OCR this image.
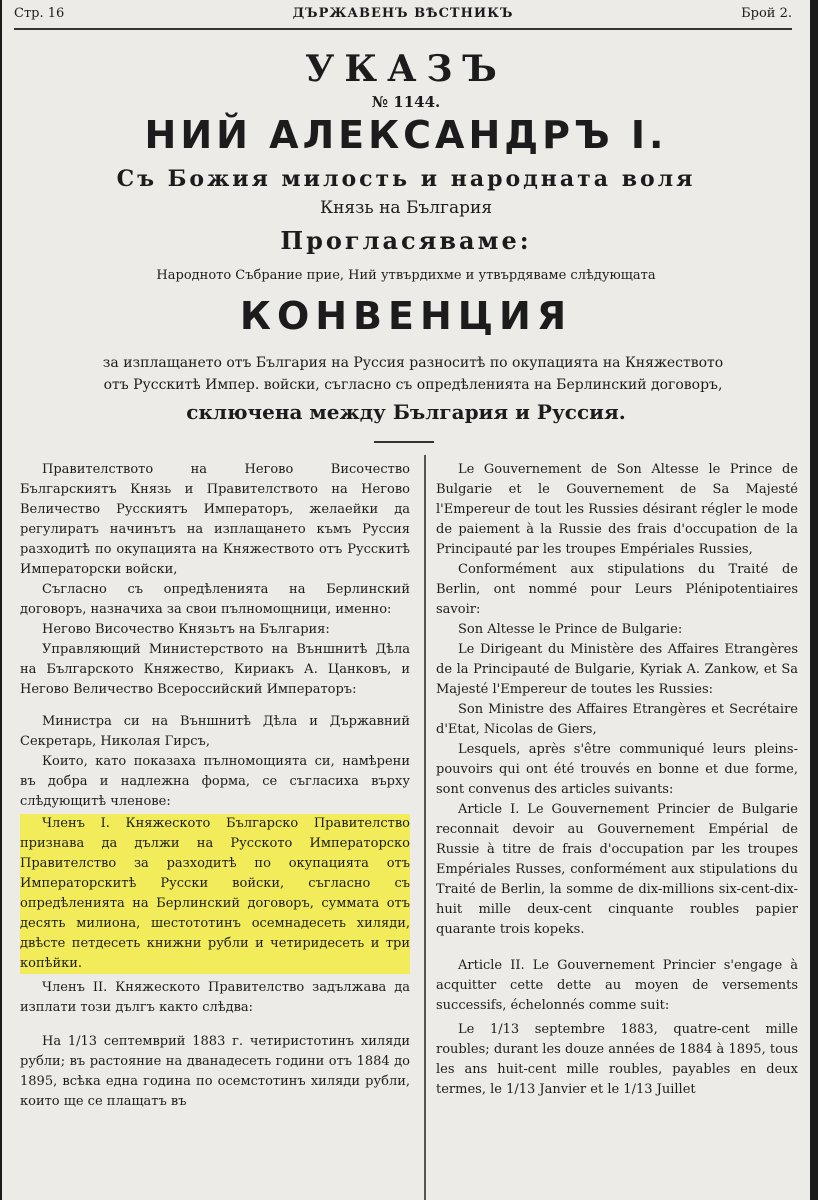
Стр. 16	ДЪРЖАВЕНЪ ВѢСТНИКЪ	Брой 2.
УКАЗЪ
№ 1144.
НИЙ АЛЕКСАНДРЪ I.
Съ Божия милость и народната воля
Князь на България
Прогласяваме:
Народното Събрание прие, Ний утвърдихме и утвърдяваме слѣдующата
КОНВЕНЦИЯ
за изплащането отъ България на Руссия разноситѣ по окупацията на Княжеството
отъ Русскитѣ Импер. войски, съгласно съ опредѣленията на Берлинский договоръ,
сключена между България и Руссия.

Правителството на Негово Височество Българскиятъ Князь и Правителството на Негово Величество Русскиятъ Императоръ, желаейки да регулиратъ начинътъ на изплащането къмъ Руссия разходитѣ по окупацията на Княжеството отъ Русскитѣ Императорски войски,

Съгласно съ опредѣленията на Берлинский договоръ, назначиха за свои пълномощници, именно:

Негово Височество Князьтъ на България:

Управляющий Министерството на Външнитѣ Дѣла на Българското Княжество, Кириакъ А. Цанковъ, и Негово Величество Всероссийский Императоръ:

Министра си на Външнитѣ Дѣла и Държавний Секретарь, Николая Гирсъ,

Които, като показаха пълномощията си, намѣрени въ добра и надлежна форма, се съгласиха върху слѣдующитѣ членове:

Членъ I. Княжеското Българско Правителство признава да дължи на Русското Императорско Правителство за разходитѣ по окупацията отъ Императорскитѣ Русски войски, съгласно съ опредѣленията на Берлинский договоръ, суммата отъ десять милиона, шестототинъ осемнадесеть хиляди, двѣсте петдесеть книжни рубли и четиридесеть и три копѣйки.

Членъ II. Княжеското Правителство задължава да изплати този дългъ както слѣдва:

На 1/13 септемврий 1883 г. четиристотинъ хиляди рубли; въ растояние на дванадесеть години отъ 1884 до 1895, всѣка една година по осемстотинъ хиляди рубли, които ще се плащатъ въ

Le Gouvernement de Son Altesse le Prince de Bulgarie et le Gouvernement de Sa Majesté l'Empereur de tout les Russies désirant régler le mode de paiement à la Russie des frais d'occupation de la Principauté par les troupes Empériales Russies,

Conformément aux stipulations du Traité de Berlin, ont nommé pour Leurs Plénipotentiaires savoir:

Son Altesse le Prince de Bulgarie:

Le Dirigeant du Ministère des Affaires Etrangères de la Principauté de Bulgarie, Kyriak A. Zankow, et Sa Majesté l'Empereur de toutes les Russies:

Son Ministre des Affaires Etrangères et Secrétaire d'Etat, Nicolas de Giers,

Lesquels, après s'être communiqué leurs pleins-pouvoirs qui ont été trouvés en bonne et due forme, sont convenus des articles suivants:

Article I. Le Gouvernement Princier de Bulgarie reconnait devoir au Gouvernement Empérial de Russie à titre de frais d'occupation par les troupes Empériales Russes, conformément aux stipulations du Traité de Berlin, la somme de dix-millions six-cent-dix-huit mille deux-cent cinquante roubles papier quarante trois kopeks.

Article II. Le Gouvernement Princier s'engage à acquitter cette dette au moyen de versements successifs, échelonnés comme suit:

Le 1/13 septembre 1883, quatre-cent mille roubles; durant les douze années de 1884 à 1895, tous les ans huit-cent mille roubles, payables en deux termes, le 1/13 Janvier et le 1/13 Juillet
